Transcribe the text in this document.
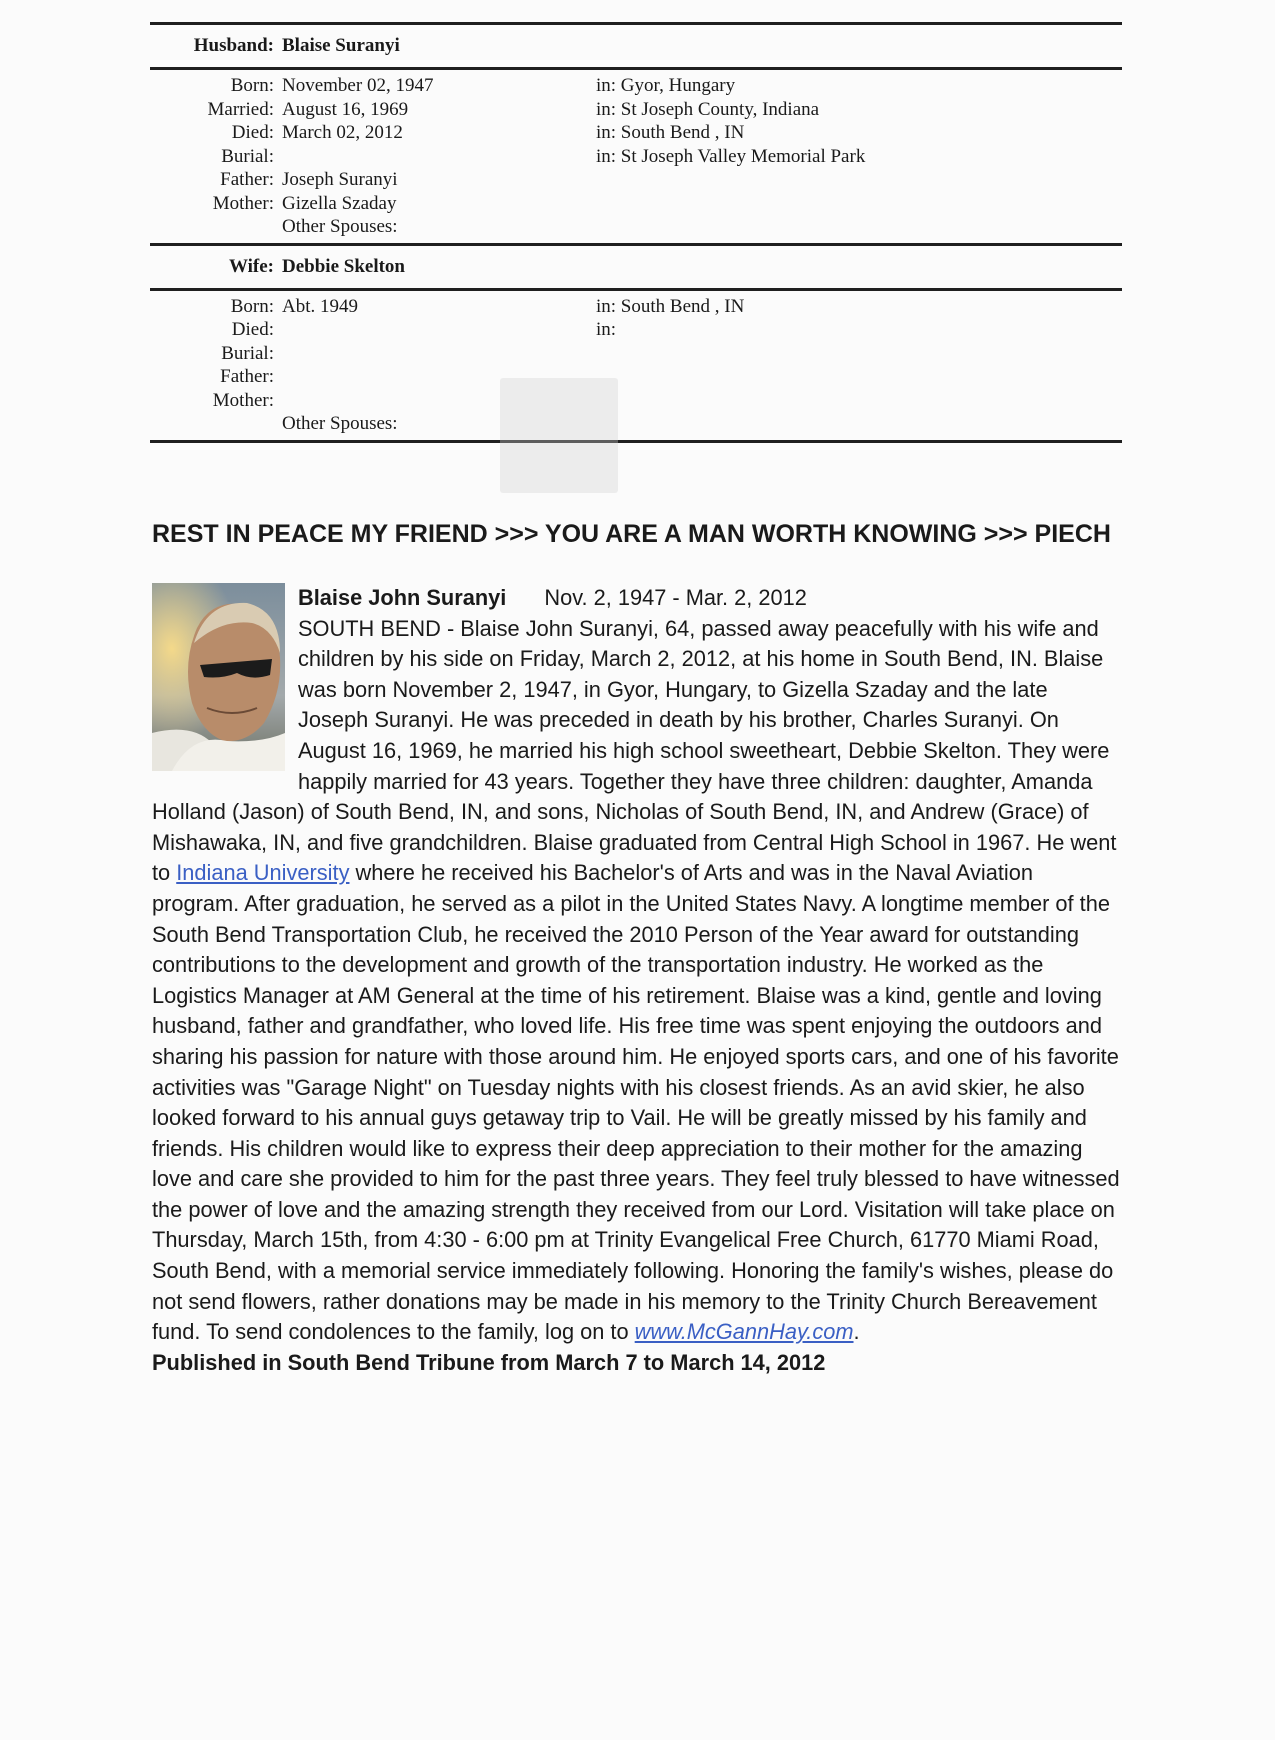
Husband: Blaise Suranyi
Born: November 02, 1947	in: Gyor, Hungary
Married: August 16, 1969	in: St Joseph County, Indiana
Died: March 02, 2012	in: South Bend , IN
Burial:	in: St Joseph Valley Memorial Park
Father: Joseph Suranyi
Mother: Gizella Szaday
Other Spouses:
Wife: Debbie Skelton
Born: Abt. 1949	in: South Bend , IN
Died:	in:
Burial:
Father:
Mother:
Other Spouses:
REST IN PEACE MY FRIEND >>> YOU ARE A MAN WORTH KNOWING >>> PIECH

Blaise John Suranyi Nov. 2, 1947 - Mar. 2, 2012
SOUTH BEND - Blaise John Suranyi, 64, passed away peacefully with his wife and children by his side on Friday, March 2, 2012, at his home in South Bend, IN. Blaise was born November 2, 1947, in Gyor, Hungary, to Gizella Szaday and the late Joseph Suranyi. He was preceded in death by his brother, Charles Suranyi. On August 16, 1969, he married his high school sweetheart, Debbie Skelton. They were happily married for 43 years. Together they have three children: daughter, Amanda Holland (Jason) of South Bend, IN, and sons, Nicholas of South Bend, IN, and Andrew (Grace) of Mishawaka, IN, and five grandchildren. Blaise graduated from Central High School in 1967. He went to Indiana University where he received his Bachelor's of Arts and was in the Naval Aviation program. After graduation, he served as a pilot in the United States Navy. A longtime member of the South Bend Transportation Club, he received the 2010 Person of the Year award for outstanding contributions to the development and growth of the transportation industry. He worked as the Logistics Manager at AM General at the time of his retirement. Blaise was a kind, gentle and loving husband, father and grandfather, who loved life. His free time was spent enjoying the outdoors and sharing his passion for nature with those around him. He enjoyed sports cars, and one of his favorite activities was "Garage Night" on Tuesday nights with his closest friends. As an avid skier, he also looked forward to his annual guys getaway trip to Vail. He will be greatly missed by his family and friends. His children would like to express their deep appreciation to their mother for the amazing love and care she provided to him for the past three years. They feel truly blessed to have witnessed the power of love and the amazing strength they received from our Lord. Visitation will take place on Thursday, March 15th, from 4:30 - 6:00 pm at Trinity Evangelical Free Church, 61770 Miami Road, South Bend, with a memorial service immediately following. Honoring the family's wishes, please do not send flowers, rather donations may be made in his memory to the Trinity Church Bereavement fund. To send condolences to the family, log on to www.McGannHay.com.
Published in South Bend Tribune from March 7 to March 14, 2012
